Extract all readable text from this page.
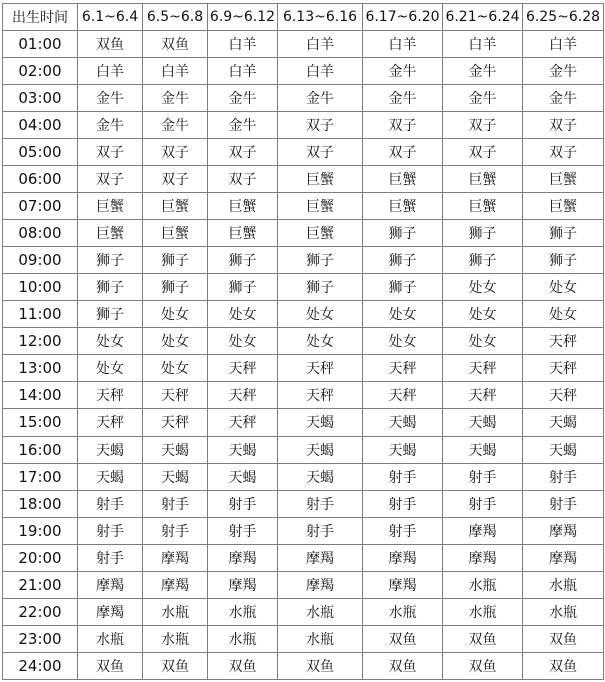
出生时间	6.1~6.4	6.5~6.8	6.9~6.12	6.13~6.16	6.17~6.20	6.21~6.24	6.25~6.28
01:00	双鱼	双鱼	白羊	白羊	白羊	白羊	白羊
02:00	白羊	白羊	白羊	白羊	金牛	金牛	金牛
03:00	金牛	金牛	金牛	金牛	金牛	金牛	金牛
04:00	金牛	金牛	金牛	双子	双子	双子	双子
05:00	双子	双子	双子	双子	双子	双子	双子
06:00	双子	双子	双子	巨蟹	巨蟹	巨蟹	巨蟹
07:00	巨蟹	巨蟹	巨蟹	巨蟹	巨蟹	巨蟹	巨蟹
08:00	巨蟹	巨蟹	巨蟹	巨蟹	狮子	狮子	狮子
09:00	狮子	狮子	狮子	狮子	狮子	狮子	狮子
10:00	狮子	狮子	狮子	狮子	狮子	处女	处女
11:00	狮子	处女	处女	处女	处女	处女	处女
12:00	处女	处女	处女	处女	处女	处女	天秤
13:00	处女	处女	天秤	天秤	天秤	天秤	天秤
14:00	天秤	天秤	天秤	天秤	天秤	天秤	天秤
15:00	天秤	天秤	天秤	天蝎	天蝎	天蝎	天蝎
16:00	天蝎	天蝎	天蝎	天蝎	天蝎	天蝎	天蝎
17:00	天蝎	天蝎	天蝎	天蝎	射手	射手	射手
18:00	射手	射手	射手	射手	射手	射手	射手
19:00	射手	射手	射手	射手	射手	摩羯	摩羯
20:00	射手	摩羯	摩羯	摩羯	摩羯	摩羯	摩羯
21:00	摩羯	摩羯	摩羯	摩羯	摩羯	水瓶	水瓶
22:00	摩羯	水瓶	水瓶	水瓶	水瓶	水瓶	水瓶
23:00	水瓶	水瓶	水瓶	水瓶	双鱼	双鱼	双鱼
24:00	双鱼	双鱼	双鱼	双鱼	双鱼	双鱼	双鱼
